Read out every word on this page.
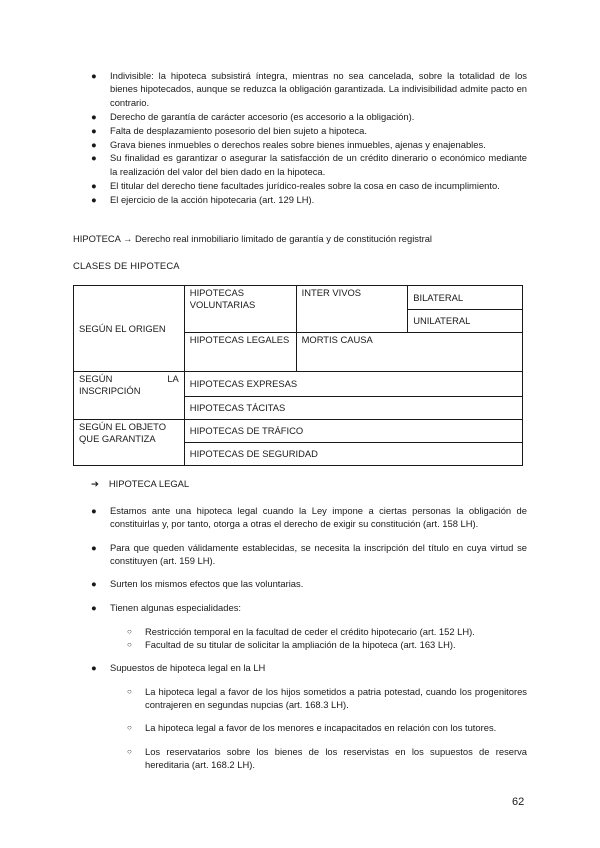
● Indivisible: la hipoteca subsistirá íntegra, mientras no sea cancelada, sobre la totalidad de los bienes hipotecados, aunque se reduzca la obligación garantizada. La indivisibilidad admite pacto en contrario.
● Derecho de garantía de carácter accesorio (es accesorio a la obligación).
● Falta de desplazamiento posesorio del bien sujeto a hipoteca.
● Grava bienes inmuebles o derechos reales sobre bienes inmuebles, ajenas y enajenables.
● Su finalidad es garantizar o asegurar la satisfacción de un crédito dinerario o económico mediante la realización del valor del bien dado en la hipoteca.
● El titular del derecho tiene facultades jurídico-reales sobre la cosa en caso de incumplimiento.
● El ejercicio de la acción hipotecaria (art. 129 LH).
HIPOTECA → Derecho real inmobiliario limitado de garantía y de constitución registral
CLASES DE HIPOTECA
SEGÚN EL ORIGEN	HIPOTECAS VOLUNTARIAS	INTER VIVOS	BILATERAL
			UNILATERAL
	HIPOTECAS LEGALES	MORTIS CAUSA	

SEGÚN LA
INSCRIPCIÓN	HIPOTECAS EXPRESAS		
	HIPOTECAS TÁCITAS		

SEGÚN EL OBJETO
QUE GARANTIZA	HIPOTECAS DE TRÁFICO		
	HIPOTECAS DE SEGURIDAD		
➔ HIPOTECA LEGAL
●	Estamos ante una hipoteca legal cuando la Ley impone a ciertas personas la obligación de constituirlas y, por tanto, otorga a otras el derecho de exigir su constitución (art. 158 LH).
●	Para que queden válidamente establecidas, se necesita la inscripción del título en cuya virtud se constituyen (art. 159 LH).
●	Surten los mismos efectos que las voluntarias.
●	Tienen algunas especialidades:
○	Restricción temporal en la facultad de ceder el crédito hipotecario (art. 152 LH).
○	Facultad de su titular de solicitar la ampliación de la hipoteca (art. 163 LH).
●	Supuestos de hipoteca legal en la LH
○	La hipoteca legal a favor de los hijos sometidos a patria potestad, cuando los progenitores contrajeren en segundas nupcias (art. 168.3 LH).
○	La hipoteca legal a favor de los menores e incapacitados en relación con los tutores.
○	Los reservatarios sobre los bienes de los reservistas en los supuestos de reserva hereditaria (art. 168.2 LH).
62
